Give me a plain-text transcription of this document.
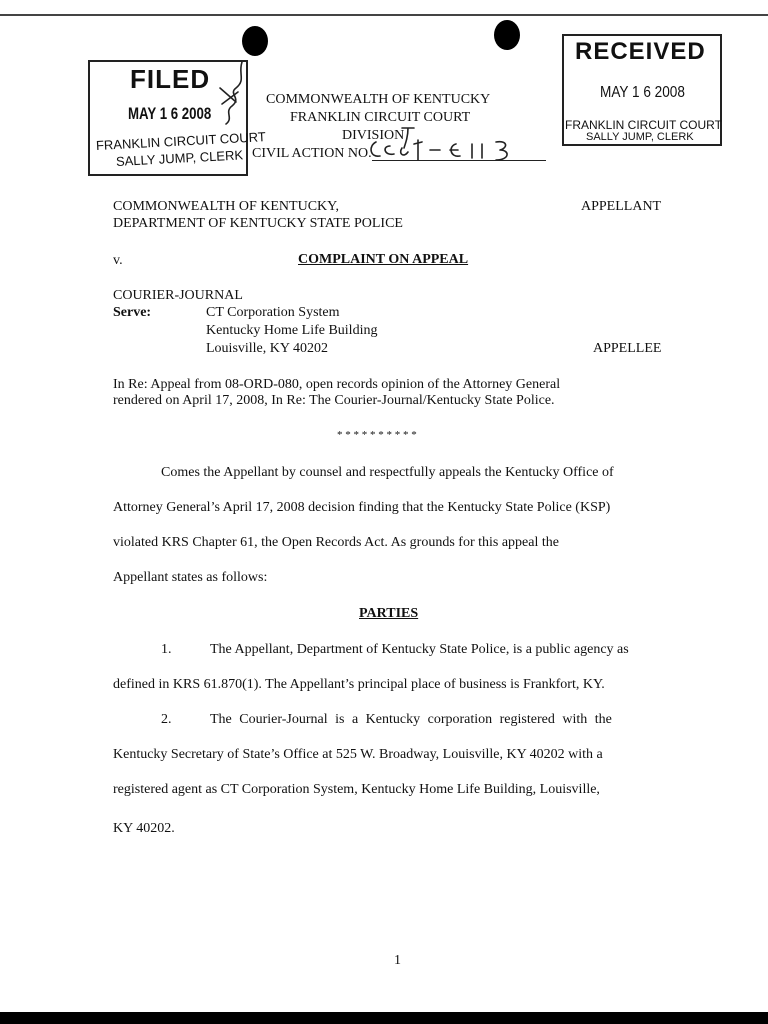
FILED
MAY 1 6 2008
FRANKLIN CIRCUIT COURT
SALLY JUMP, CLERK
RECEIVED
MAY 1 6 2008
FRANKLIN CIRCUIT COURT
SALLY JUMP, CLERK
COMMONWEALTH OF KENTUCKY
FRANKLIN CIRCUIT COURT
DIVISION
CIVIL ACTION NO.
COMMONWEALTH OF KENTUCKY,
DEPARTMENT OF KENTUCKY STATE POLICE
APPELLANT
v.	COMPLAINT ON APPEAL
COURIER-JOURNAL
Serve:	CT Corporation System
Kentucky Home Life Building
Louisville, KY 40202	APPELLEE
In Re: Appeal from 08-ORD-080, open records opinion of the Attorney General
rendered on April 17, 2008, In Re: The Courier-Journal/Kentucky State Police.
* * * * * * * * * *
Comes the Appellant by counsel and respectfully appeals the Kentucky Office of
Attorney General’s April 17, 2008 decision finding that the Kentucky State Police (KSP)
violated KRS Chapter 61, the Open Records Act. As grounds for this appeal the
Appellant states as follows:
PARTIES
1.	The Appellant, Department of Kentucky State Police, is a public agency as
defined in KRS 61.870(1). The Appellant’s principal place of business is Frankfort, KY.
2.	The Courier-Journal is a Kentucky corporation registered with the
Kentucky Secretary of State’s Office at 525 W. Broadway, Louisville, KY 40202 with a
registered agent as CT Corporation System, Kentucky Home Life Building, Louisville,
KY 40202.
1
